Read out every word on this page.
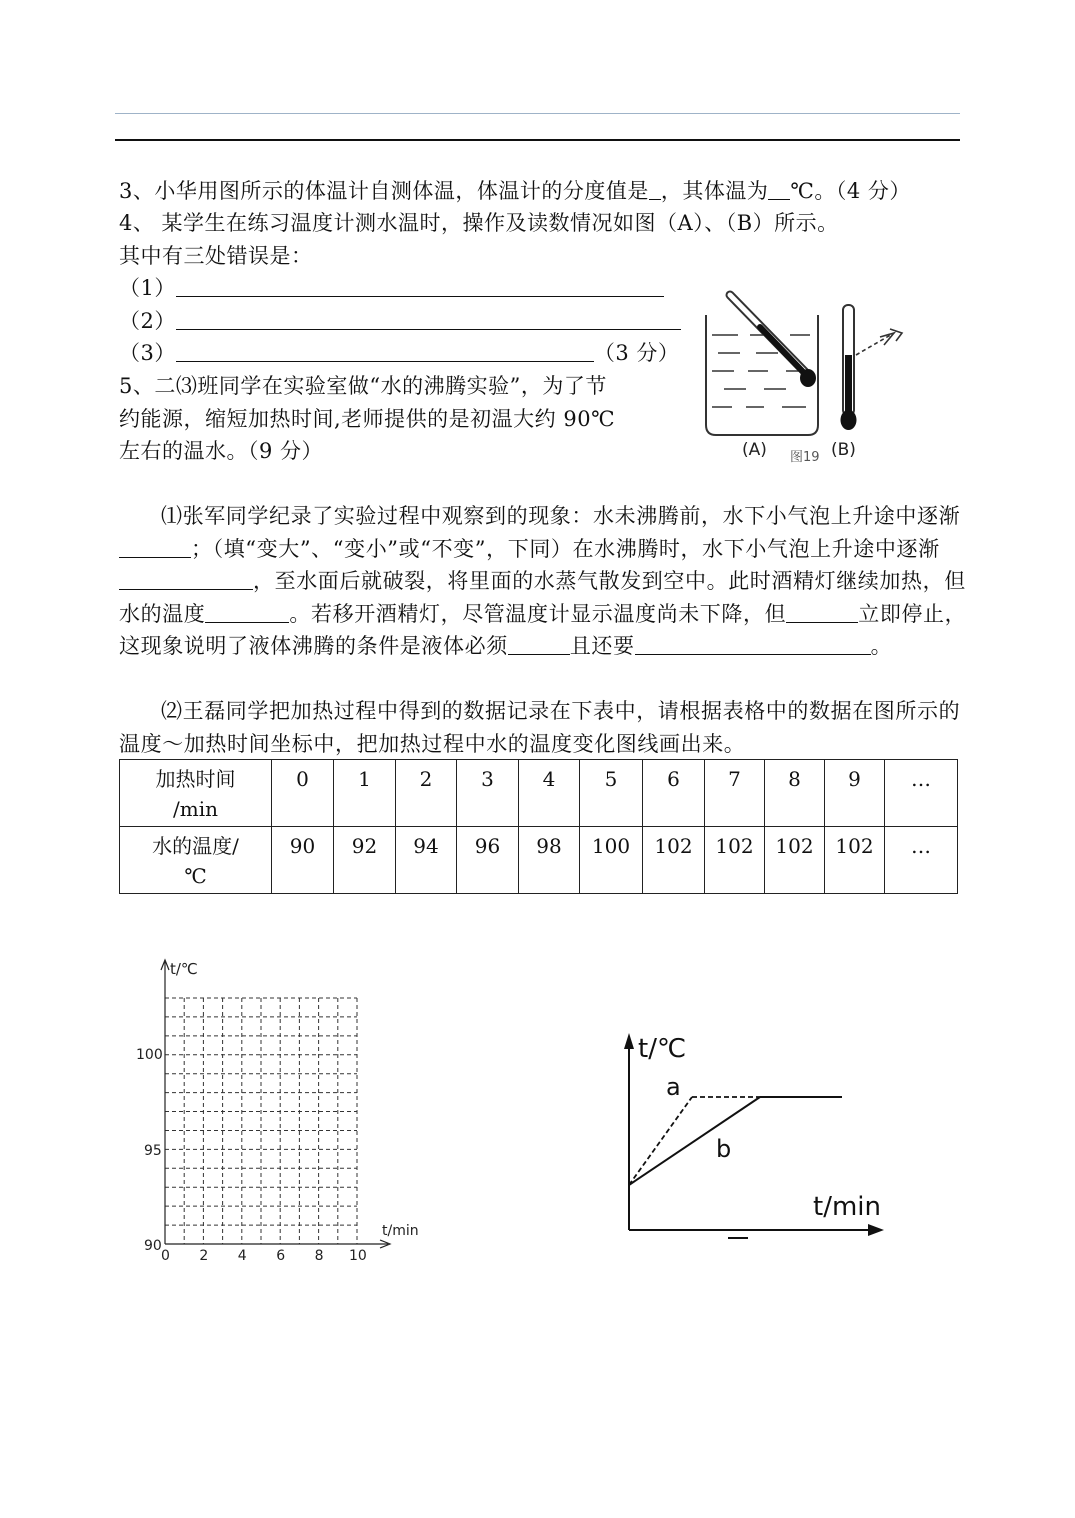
3、小华用图所示的体温计自测体温，体温计的分度值是 ，其体温为 ℃。（4 分）
4、 某学生在练习温度计测水温时，操作及读数情况如图（A）、（B）所示。
其中有三处错误是：
（1）
（2）
（3）	（3 分）
5、二⑶班同学在实验室做“水的沸腾实验”，为了节
约能源，缩短加热时间,老师提供的是初温大约 90℃
左右的温水。（9 分）	(A) 图19 (B)
⑴张军同学纪录了实验过程中观察到的现象：水未沸腾前，水下小气泡上升途中逐渐；（填“变大”、“变小”或“不变”，下同）在水沸腾时，水下小气泡上升途中逐渐，至水面后就破裂，将里面的水蒸气散发到空中。此时酒精灯继续加热，但水的温度	。若移开酒精灯，尽管温度计显示温度尚未下降，但	立即停止，这现象说明了液体沸腾的条件是液体必须	且还要	。
⑵王磊同学把加热过程中得到的数据记录在下表中，请根据表格中的数据在图所示的温度～加热时间坐标中，把加热过程中水的温度变化图线画出来。
加热时间
/min	0	1	2	3	4	5	6	7	8	9	…
水的温度/
℃	90	92	94	96	98	100	102	102	102	102	…
t/℃
t/min
100
95
90
0 2 4 6 8 10
t/℃
t/min
a
b
